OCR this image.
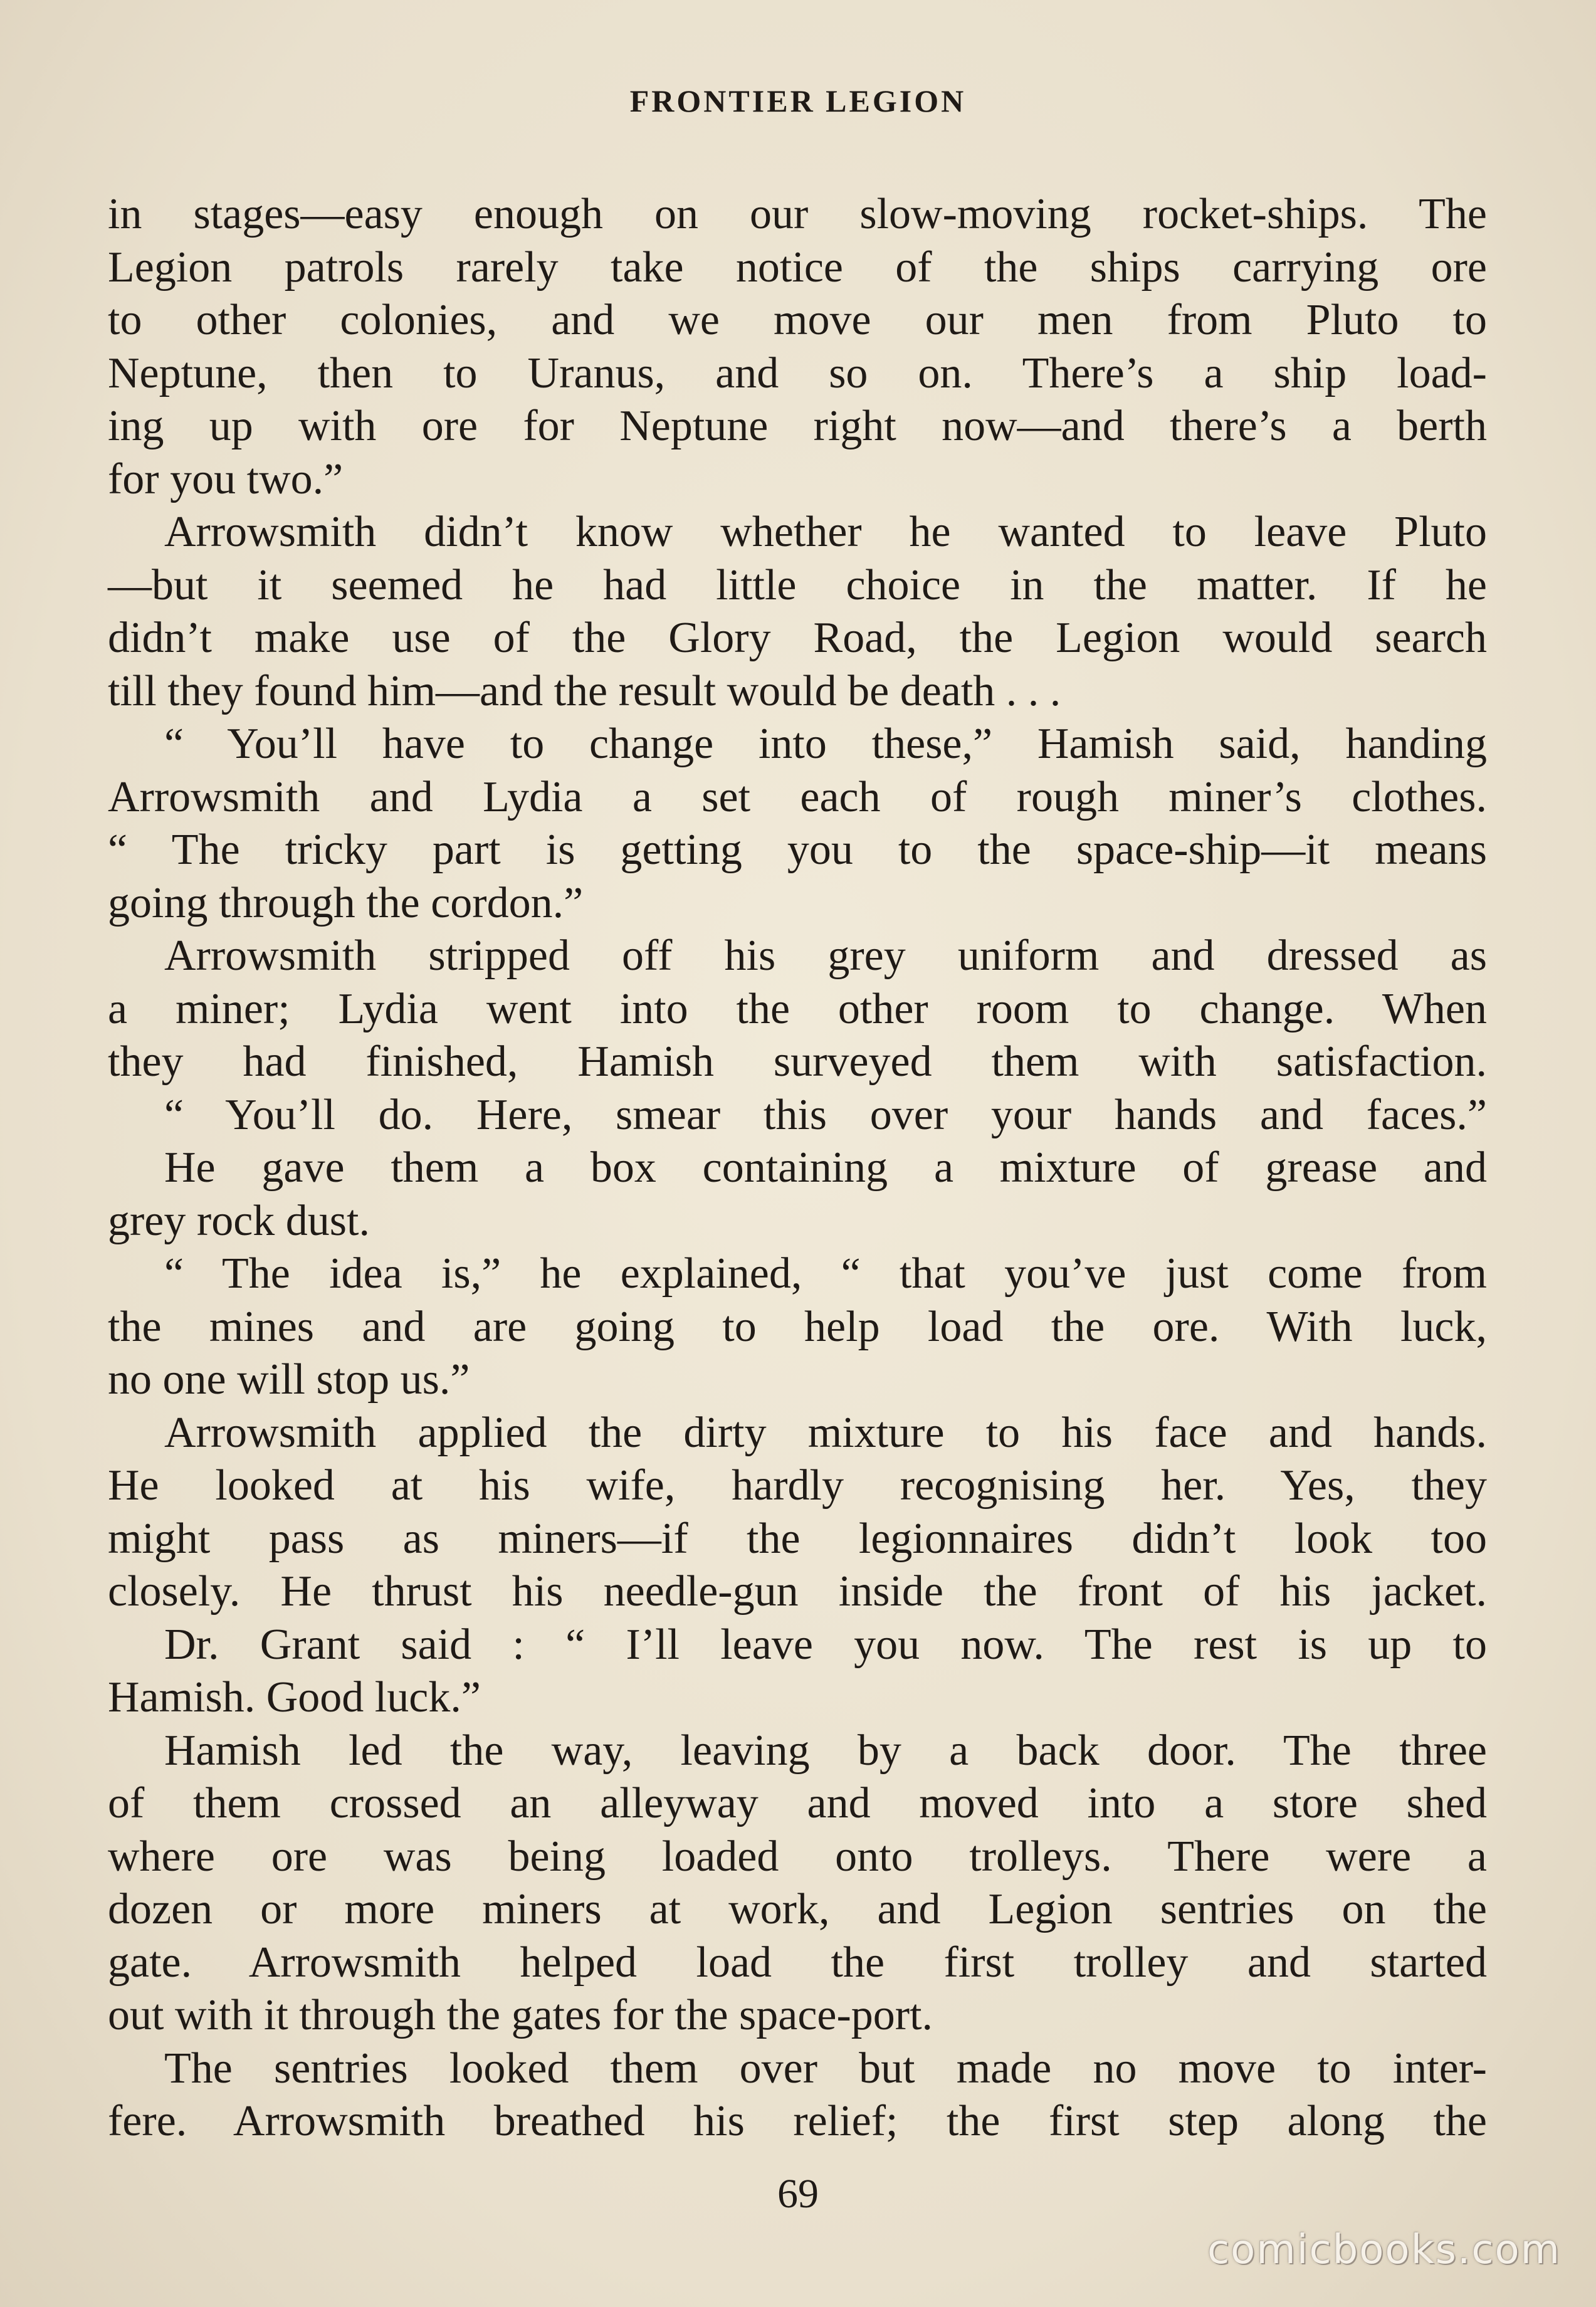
FRONTIER LEGION
in stages—easy enough on our slow-moving rocket-ships. The
Legion patrols rarely take notice of the ships carrying ore
to other colonies, and we move our men from Pluto to
Neptune, then to Uranus, and so on. There’s a ship load-
ing up with ore for Neptune right now—and there’s a berth
for you two.”
Arrowsmith didn’t know whether he wanted to leave Pluto
—but it seemed he had little choice in the matter. If he
didn’t make use of the Glory Road, the Legion would search
till they found him—and the result would be death . . .
“ You’ll have to change into these,” Hamish said, handing
Arrowsmith and Lydia a set each of rough miner’s clothes.
“ The tricky part is getting you to the space-ship—it means
going through the cordon.”
Arrowsmith stripped off his grey uniform and dressed as
a miner; Lydia went into the other room to change. When
they had finished, Hamish surveyed them with satisfaction.
“ You’ll do. Here, smear this over your hands and faces.”
He gave them a box containing a mixture of grease and
grey rock dust.
“ The idea is,” he explained, “ that you’ve just come from
the mines and are going to help load the ore. With luck,
no one will stop us.”
Arrowsmith applied the dirty mixture to his face and hands.
He looked at his wife, hardly recognising her. Yes, they
might pass as miners—if the legionnaires didn’t look too
closely. He thrust his needle-gun inside the front of his jacket.
Dr. Grant said : “ I’ll leave you now. The rest is up to
Hamish. Good luck.”
Hamish led the way, leaving by a back door. The three
of them crossed an alleyway and moved into a store shed
where ore was being loaded onto trolleys. There were a
dozen or more miners at work, and Legion sentries on the
gate. Arrowsmith helped load the first trolley and started
out with it through the gates for the space-port.
The sentries looked them over but made no move to inter-
fere. Arrowsmith breathed his relief; the first step along the
69
comicbooks.com
